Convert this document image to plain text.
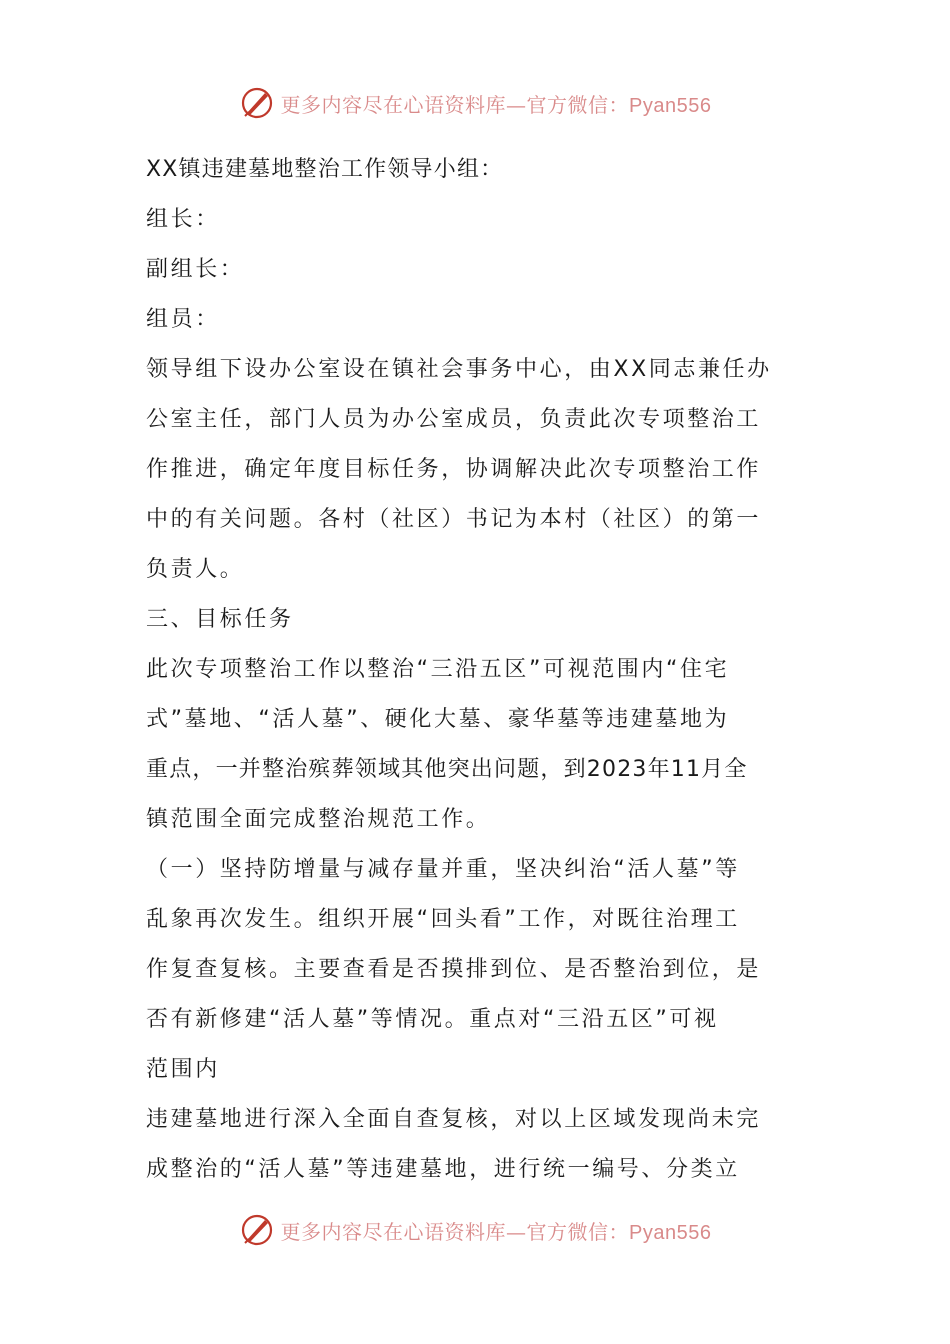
更多内容尽在心语资料库—官方微信：Pyan556
XX镇违建墓地整治工作领导小组：
组长：
副组长：
组员：
领导组下设办公室设在镇社会事务中心，由XX同志兼任办
公室主任，部门人员为办公室成员，负责此次专项整治工
作推进，确定年度目标任务，协调解决此次专项整治工作
中的有关问题。各村（社区）书记为本村（社区）的第一
负责人。
三、目标任务
此次专项整治工作以整治“三沿五区”可视范围内“住宅
式”墓地、“活人墓”、硬化大墓、豪华墓等违建墓地为
重点，一并整治殡葬领域其他突出问题，到2023年11月全
镇范围全面完成整治规范工作。
（一）坚持防增量与减存量并重，坚决纠治“活人墓”等
乱象再次发生。组织开展“回头看”工作，对既往治理工
作复查复核。主要查看是否摸排到位、是否整治到位，是
否有新修建“活人墓”等情况。重点对“三沿五区”可视
范围内
违建墓地进行深入全面自查复核，对以上区域发现尚未完
成整治的“活人墓”等违建墓地，进行统一编号、分类立
更多内容尽在心语资料库—官方微信：Pyan556
